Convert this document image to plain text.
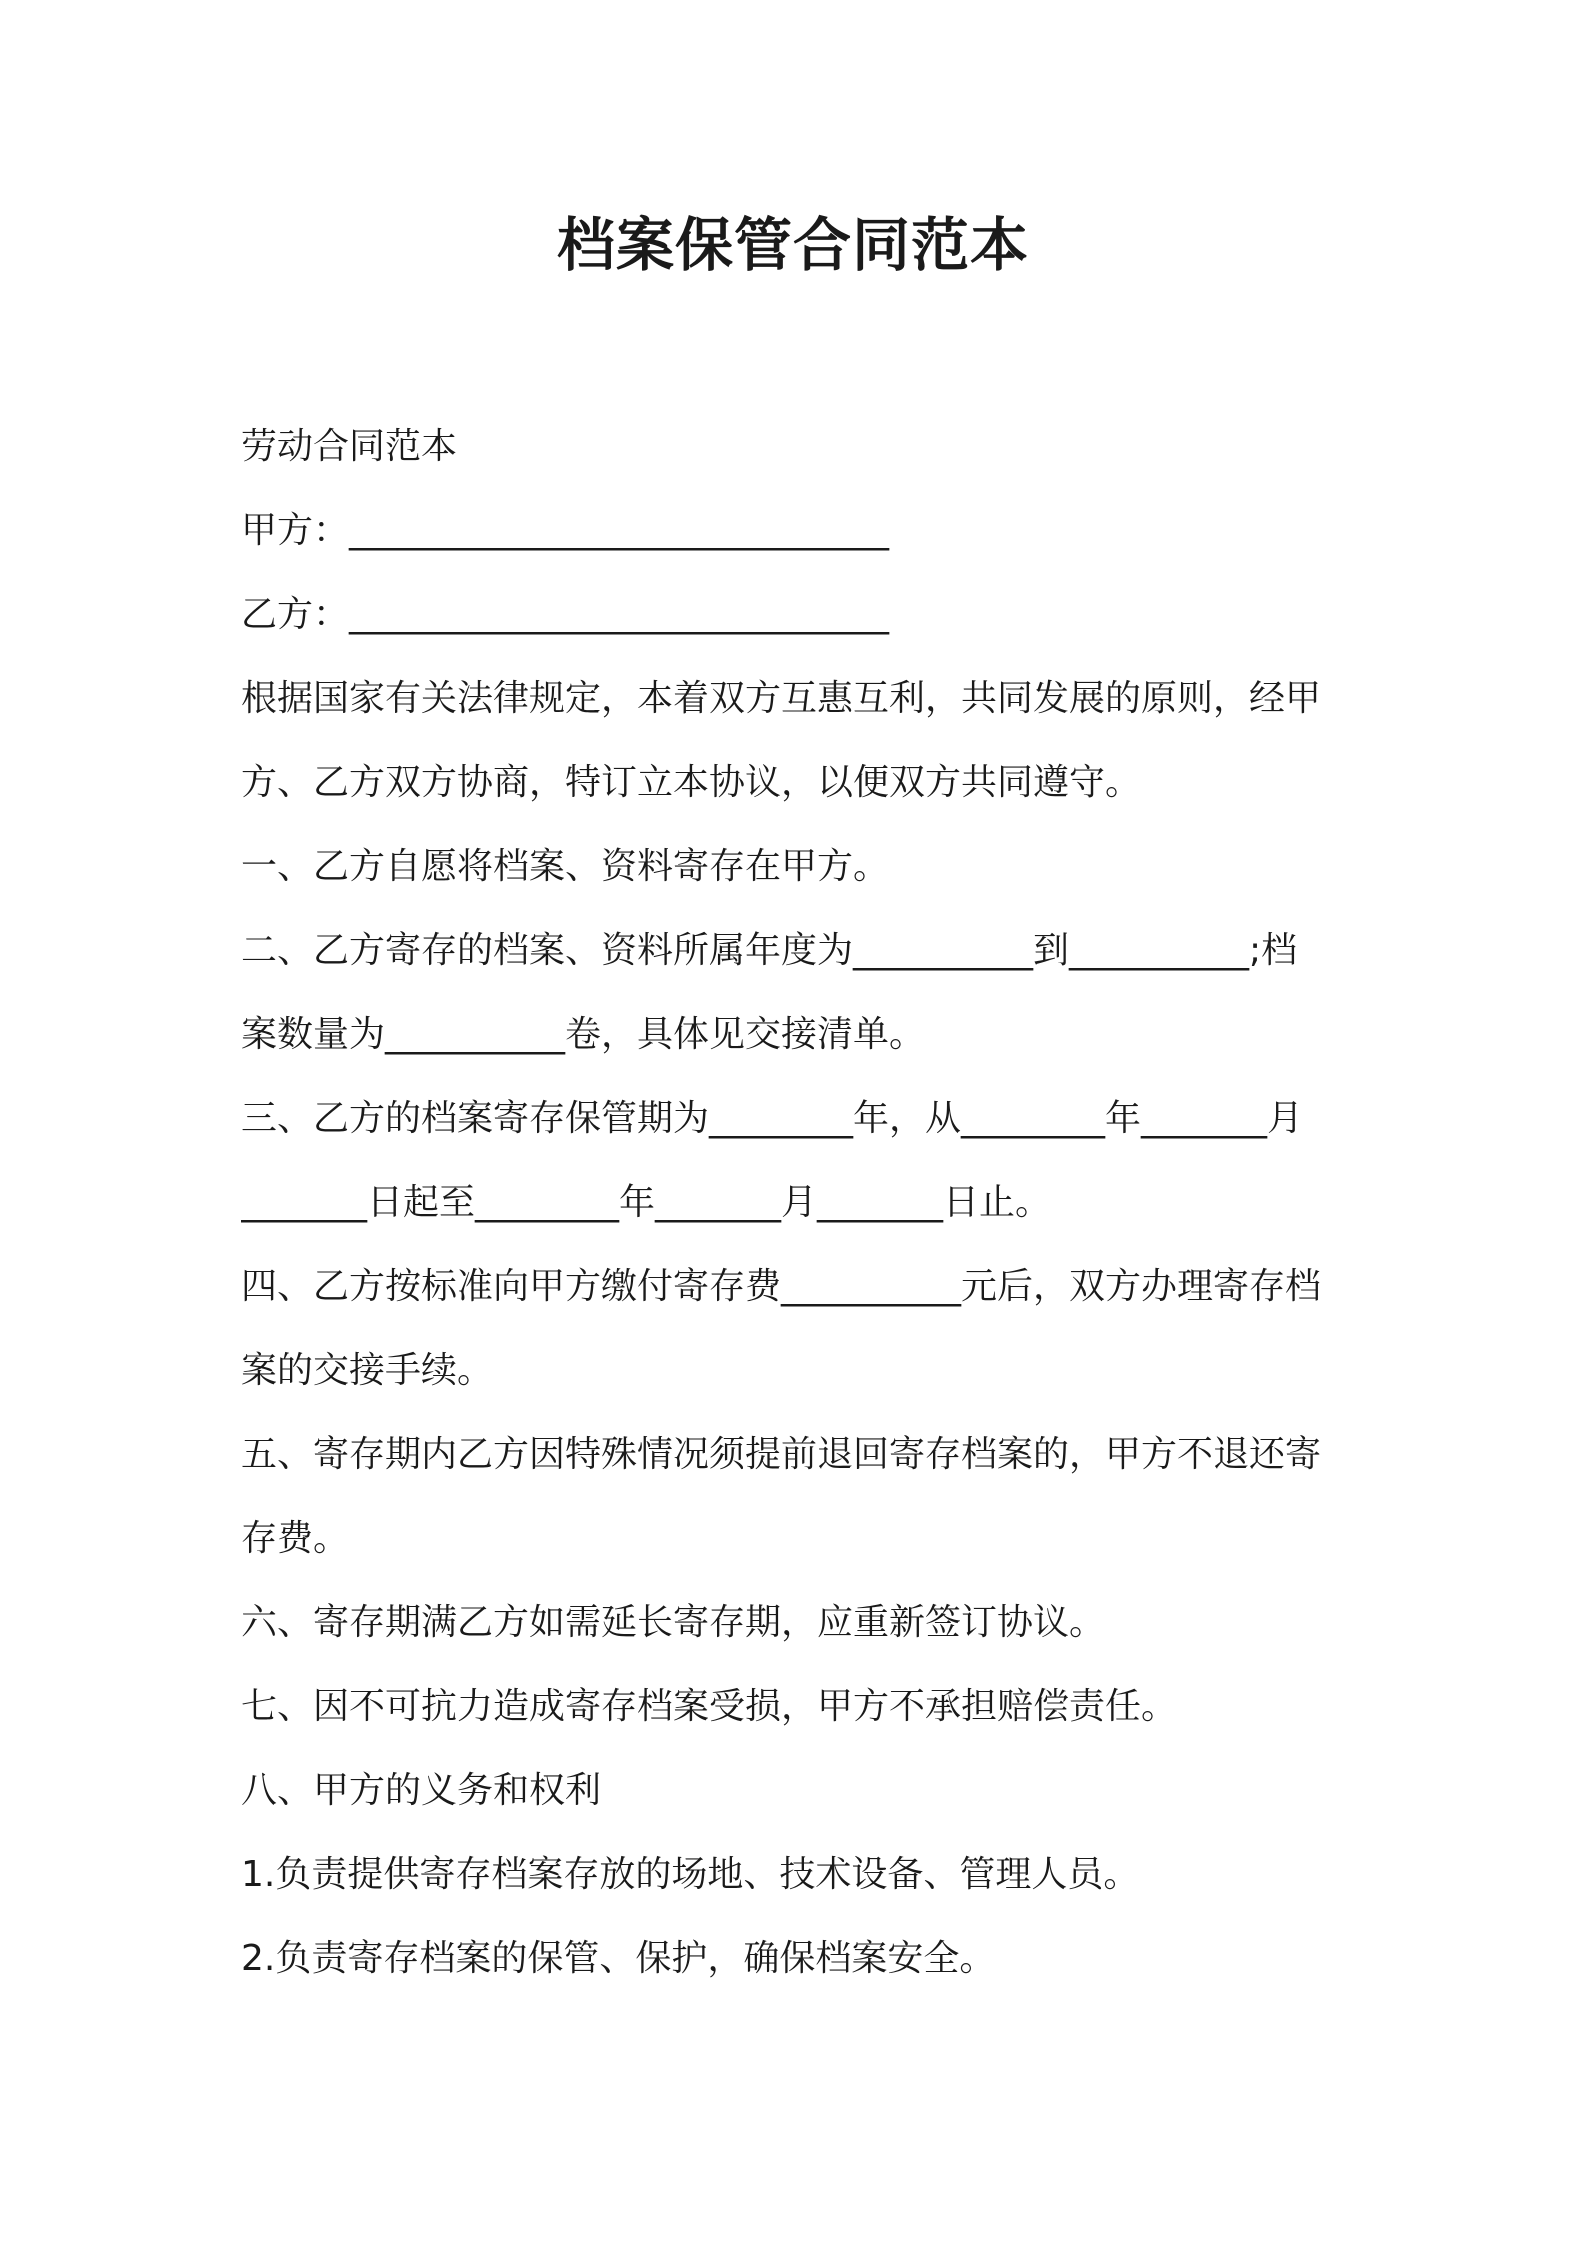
档案保管合同范本

劳动合同范本

甲方：______________________________

乙方：______________________________

根据国家有关法律规定，本着双方互惠互利，共同发展的原则，经甲

方、乙方双方协商，特订立本协议，以便双方共同遵守。

一、乙方自愿将档案、资料寄存在甲方。

二、乙方寄存的档案、资料所属年度为__________到__________;档

案数量为__________卷，具体见交接清单。

三、乙方的档案寄存保管期为________年，从________年_______月

_______日起至________年_______月_______日止。

四、乙方按标准向甲方缴付寄存费__________元后，双方办理寄存档

案的交接手续。

五、寄存期内乙方因特殊情况须提前退回寄存档案的，甲方不退还寄

存费。

六、寄存期满乙方如需延长寄存期，应重新签订协议。

七、因不可抗力造成寄存档案受损，甲方不承担赔偿责任。

八、甲方的义务和权利

1.负责提供寄存档案存放的场地、技术设备、管理人员。

2.负责寄存档案的保管、保护，确保档案安全。
